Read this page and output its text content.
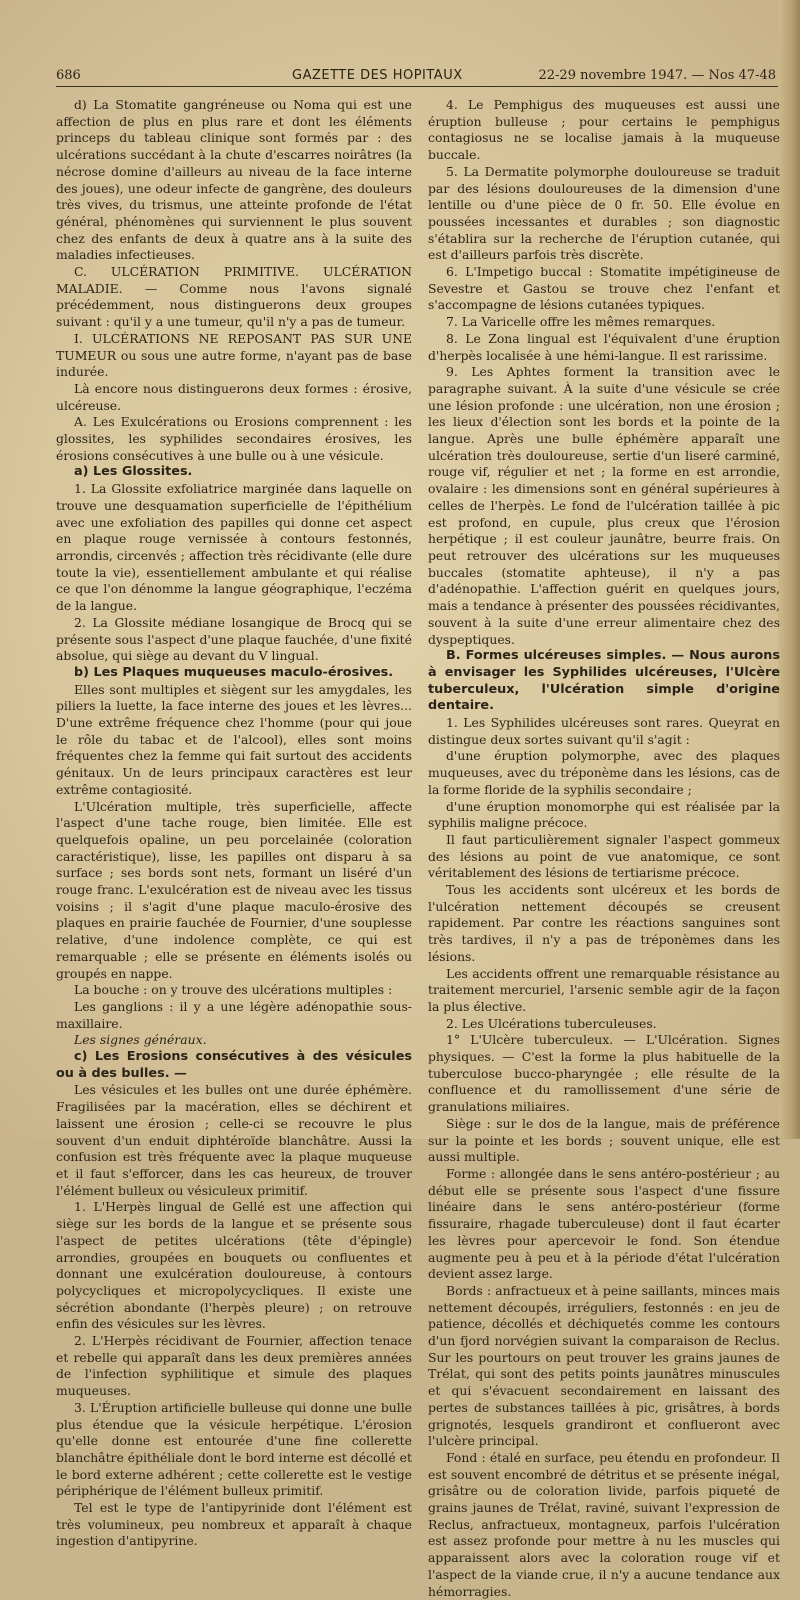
686	GAZETTE DES HOPITAUX	22-29 novembre 1947. — Nos 47-48

d) La Stomatite gangréneuse ou Noma qui est une affection de plus en plus rare et dont les éléments princeps du tableau clinique sont formés par : des ulcérations succédant à la chute d'escarres noirâtres (la nécrose domine d'ailleurs au niveau de la face interne des joues), une odeur infecte de gangrène, des douleurs très vives, du trismus, une atteinte profonde de l'état général, phénomènes qui surviennent le plus souvent chez des enfants de deux à quatre ans à la suite des maladies infectieuses.

C. ULCÉRATION PRIMITIVE. ULCÉRATION MALADIE. — Comme nous l'avons signalé précédemment, nous distinguerons deux groupes suivant : qu'il y a une tumeur, qu'il n'y a pas de tumeur.

I. ULCÉRATIONS NE REPOSANT PAS SUR UNE TUMEUR ou sous une autre forme, n'ayant pas de base indurée.

Là encore nous distinguerons deux formes : érosive, ulcéreuse.

A. Les Exulcérations ou Erosions comprennent : les glossites, les syphilides secondaires érosives, les érosions consécutives à une bulle ou à une vésicule.

a) Les Glossites.

1. La Glossite exfoliatrice marginée dans laquelle on trouve une desquamation superficielle de l'épithélium avec une exfoliation des papilles qui donne cet aspect en plaque rouge vernissée à contours festonnés, arrondis, circenvés ; affection très récidivante (elle dure toute la vie), essentiellement ambulante et qui réalise ce que l'on dénomme la langue géographique, l'eczéma de la langue.

2. La Glossite médiane losangique de Brocq qui se présente sous l'aspect d'une plaque fauchée, d'une fixité absolue, qui siège au devant du V lingual.

b) Les Plaques muqueuses maculo-érosives.

Elles sont multiples et siègent sur les amygdales, les piliers la luette, la face interne des joues et les lèvres... D'une extrême fréquence chez l'homme (pour qui joue le rôle du tabac et de l'alcool), elles sont moins fréquentes chez la femme qui fait surtout des accidents génitaux. Un de leurs principaux caractères est leur extrême contagiosité.

L'Ulcération multiple, très superficielle, affecte l'aspect d'une tache rouge, bien limitée. Elle est quelquefois opaline, un peu porcelainée (coloration caractéristique), lisse, les papilles ont disparu à sa surface ; ses bords sont nets, formant un liséré d'un rouge franc. L'exulcération est de niveau avec les tissus voisins ; il s'agit d'une plaque maculo-érosive des plaques en prairie fauchée de Fournier, d'une souplesse relative, d'une indolence complète, ce qui est remarquable ; elle se présente en éléments isolés ou groupés en nappe.

La bouche : on y trouve des ulcérations multiples :

Les ganglions : il y a une légère adénopathie sous-maxillaire.

Les signes généraux.

c) Les Erosions consécutives à des vésicules ou à des bulles. —

Les vésicules et les bulles ont une durée éphémère. Fragilisées par la macération, elles se déchirent et laissent une érosion ; celle-ci se recouvre le plus souvent d'un enduit diphtéroïde blanchâtre. Aussi la confusion est très fréquente avec la plaque muqueuse et il faut s'efforcer, dans les cas heureux, de trouver l'élément bulleux ou vésiculeux primitif.

1. L'Herpès lingual de Gellé est une affection qui siège sur les bords de la langue et se présente sous l'aspect de petites ulcérations (tête d'épingle) arrondies, groupées en bouquets ou confluentes et donnant une exulcération douloureuse, à contours polycycliques et micropolycycliques. Il existe une sécrétion abondante (l'herpès pleure) ; on retrouve enfin des vésicules sur les lèvres.

2. L'Herpès récidivant de Fournier, affection tenace et rebelle qui apparaît dans les deux premières années de l'infection syphilitique et simule des plaques muqueuses.

3. L'Éruption artificielle bulleuse qui donne une bulle plus étendue que la vésicule herpétique. L'érosion qu'elle donne est entourée d'une fine collerette blanchâtre épithéliale dont le bord interne est décollé et le bord externe adhérent ; cette collerette est le vestige périphérique de l'élément bulleux primitif.

Tel est le type de l'antipyrinide dont l'élément est très volumineux, peu nombreux et apparaît à chaque ingestion d'antipyrine.

4. Le Pemphigus des muqueuses est aussi une éruption bulleuse ; pour certains le pemphigus contagiosus ne se localise jamais à la muqueuse buccale.

5. La Dermatite polymorphe douloureuse se traduit par des lésions douloureuses de la dimension d'une lentille ou d'une pièce de 0 fr. 50. Elle évolue en poussées incessantes et durables ; son diagnostic s'établira sur la recherche de l'éruption cutanée, qui est d'ailleurs parfois très discrète.

6. L'Impetigo buccal : Stomatite impétigineuse de Sevestre et Gastou se trouve chez l'enfant et s'accompagne de lésions cutanées typiques.

7. La Varicelle offre les mêmes remarques.

8. Le Zona lingual est l'équivalent d'une éruption d'herpès localisée à une hémi-langue. Il est rarissime.

9. Les Aphtes forment la transition avec le paragraphe suivant. À la suite d'une vésicule se crée une lésion profonde : une ulcération, non une érosion ; les lieux d'élection sont les bords et la pointe de la langue. Après une bulle éphémère apparaît une ulcération très douloureuse, sertie d'un liseré carminé, rouge vif, régulier et net ; la forme en est arrondie, ovalaire : les dimensions sont en général supérieures à celles de l'herpès. Le fond de l'ulcération taillée à pic est profond, en cupule, plus creux que l'érosion herpétique ; il est couleur jaunâtre, beurre frais. On peut retrouver des ulcérations sur les muqueuses buccales (stomatite aphteuse), il n'y a pas d'adénopathie. L'affection guérit en quelques jours, mais a tendance à présenter des poussées récidivantes, souvent à la suite d'une erreur alimentaire chez des dyspeptiques.

B. Formes ulcéreuses simples. — Nous aurons à envisager les Syphilides ulcéreuses, l'Ulcère tuberculeux, l'Ulcération simple d'origine dentaire.

1. Les Syphilides ulcéreuses sont rares. Queyrat en distingue deux sortes suivant qu'il s'agit :

d'une éruption polymorphe, avec des plaques muqueuses, avec du tréponème dans les lésions, cas de la forme floride de la syphilis secondaire ;

d'une éruption monomorphe qui est réalisée par la syphilis maligne précoce.

Il faut particulièrement signaler l'aspect gommeux des lésions au point de vue anatomique, ce sont véritablement des lésions de tertiarisme précoce.

Tous les accidents sont ulcéreux et les bords de l'ulcération nettement découpés se creusent rapidement. Par contre les réactions sanguines sont très tardives, il n'y a pas de tréponèmes dans les lésions.

Les accidents offrent une remarquable résistance au traitement mercuriel, l'arsenic semble agir de la façon la plus élective.

2. Les Ulcérations tuberculeuses.

1° L'Ulcère tuberculeux. — L'Ulcération. Signes physiques. — C'est la forme la plus habituelle de la tuberculose bucco-pharyngée ; elle résulte de la confluence et du ramollissement d'une série de granulations miliaires.

Siège : sur le dos de la langue, mais de préférence sur la pointe et les bords ; souvent unique, elle est aussi multiple.

Forme : allongée dans le sens antéro-postérieur ; au début elle se présente sous l'aspect d'une fissure linéaire dans le sens antéro-postérieur (forme fissuraire, rhagade tuberculeuse) dont il faut écarter les lèvres pour apercevoir le fond. Son étendue augmente peu à peu et à la période d'état l'ulcération devient assez large.

Bords : anfractueux et à peine saillants, minces mais nettement découpés, irréguliers, festonnés : en jeu de patience, décollés et déchiquetés comme les contours d'un fjord norvégien suivant la comparaison de Reclus. Sur les pourtours on peut trouver les grains jaunes de Trélat, qui sont des petits points jaunâtres minuscules et qui s'évacuent secondairement en laissant des pertes de substances taillées à pic, grisâtres, à bords grignotés, lesquels grandiront et conflueront avec l'ulcère principal.

Fond : étalé en surface, peu étendu en profondeur. Il est souvent encombré de détritus et se présente inégal, grisâtre ou de coloration livide, parfois piqueté de grains jaunes de Trélat, raviné, suivant l'expression de Reclus, anfractueux, montagneux, parfois l'ulcération est assez profonde pour mettre à nu les muscles qui apparaissent alors avec la coloration rouge vif et l'aspect de la viande crue, il n'y a aucune tendance aux hémorragies.
